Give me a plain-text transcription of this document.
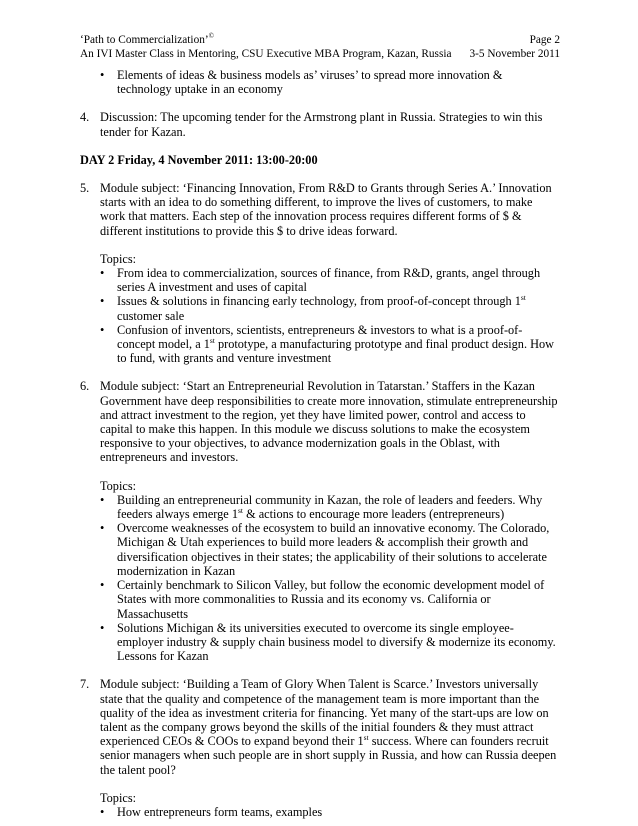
‘Path to Commercialization’©	Page 2
An IVI Master Class in Mentoring, CSU Executive MBA Program, Kazan, Russia 3-5 November 2011
• Elements of ideas & business models as’ viruses’ to spread more innovation & technology uptake in an economy
4. Discussion: The upcoming tender for the Armstrong plant in Russia. Strategies to win this tender for Kazan.
DAY 2 Friday, 4 November 2011: 13:00-20:00
5. Module subject: ‘Financing Innovation, From R&D to Grants through Series A.’ Innovation starts with an idea to do something different, to improve the lives of customers, to make work that matters. Each step of the innovation process requires different forms of $ & different institutions to provide this $ to drive ideas forward.
Topics:
• From idea to commercialization, sources of finance, from R&D, grants, angel through series A investment and uses of capital
• Issues & solutions in financing early technology, from proof-of-concept through 1st customer sale
• Confusion of inventors, scientists, entrepreneurs & investors to what is a proof-of-concept model, a 1st prototype, a manufacturing prototype and final product design. How to fund, with grants and venture investment
6. Module subject: ‘Start an Entrepreneurial Revolution in Tatarstan.’ Staffers in the Kazan Government have deep responsibilities to create more innovation, stimulate entrepreneurship and attract investment to the region, yet they have limited power, control and access to capital to make this happen. In this module we discuss solutions to make the ecosystem responsive to your objectives, to advance modernization goals in the Oblast, with entrepreneurs and investors.
Topics:
• Building an entrepreneurial community in Kazan, the role of leaders and feeders. Why feeders always emerge 1st & actions to encourage more leaders (entrepreneurs)
• Overcome weaknesses of the ecosystem to build an innovative economy. The Colorado, Michigan & Utah experiences to build more leaders & accomplish their growth and diversification objectives in their states; the applicability of their solutions to accelerate modernization in Kazan
• Certainly benchmark to Silicon Valley, but follow the economic development model of States with more commonalities to Russia and its economy vs. California or Massachusetts
• Solutions Michigan & its universities executed to overcome its single employee-employer industry & supply chain business model to diversify & modernize its economy. Lessons for Kazan
7. Module subject: ‘Building a Team of Glory When Talent is Scarce.’ Investors universally state that the quality and competence of the management team is more important than the quality of the idea as investment criteria for financing. Yet many of the start-ups are low on talent as the company grows beyond the skills of the initial founders & they must attract experienced CEOs & COOs to expand beyond their 1st success. Where can founders recruit senior managers when such people are in short supply in Russia, and how can Russia deepen the talent pool?
Topics:
• How entrepreneurs form teams, examples
